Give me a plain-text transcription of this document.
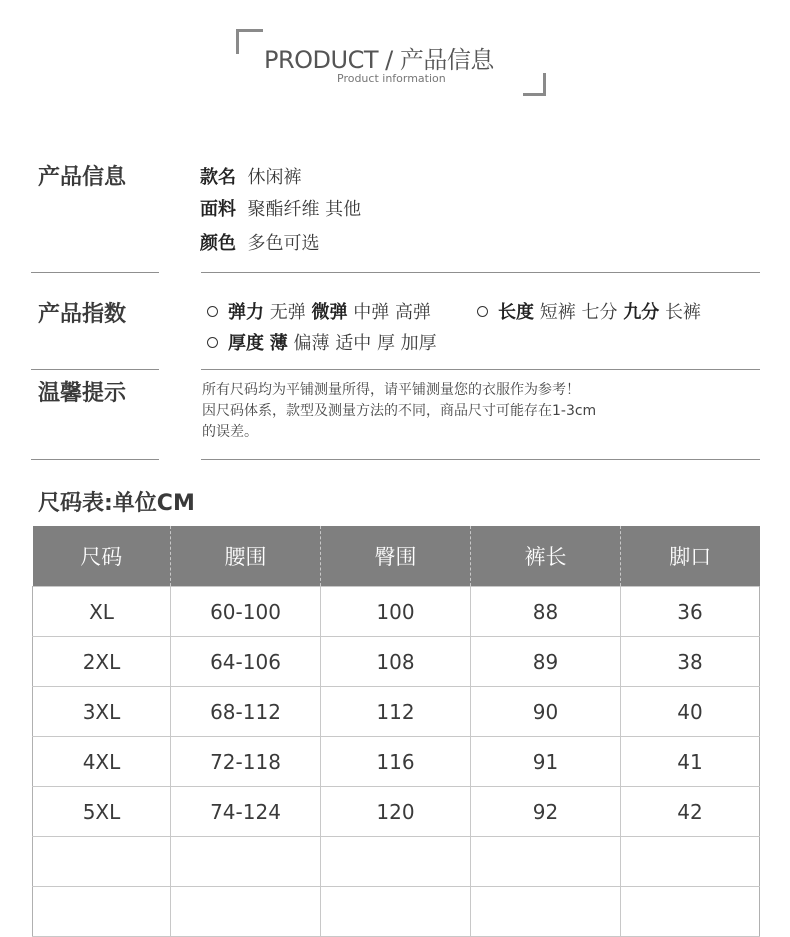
PRODUCT / 产品信息
Product information
产品信息	款名 休闲裤
面料 聚酯纤维 其他
颜色 多色可选
产品指数	弹力 无弹 微弹 中弹 高弹	长度 短裤 七分 九分 长裤
厚度 薄 偏薄 适中 厚 加厚
温馨提示	所有尺码均为平铺测量所得，请平铺测量您的衣服作为参考！
因尺码体系，款型及测量方法的不同，商品尺寸可能存在1-3cm
的误差。
尺码表:单位CM
尺码	腰围	臀围	裤长	脚口
XL	60-100	100	88	36
2XL	64-106	108	89	38
3XL	68-112	112	90	40
4XL	72-118	116	91	41
5XL	74-124	120	92	42
